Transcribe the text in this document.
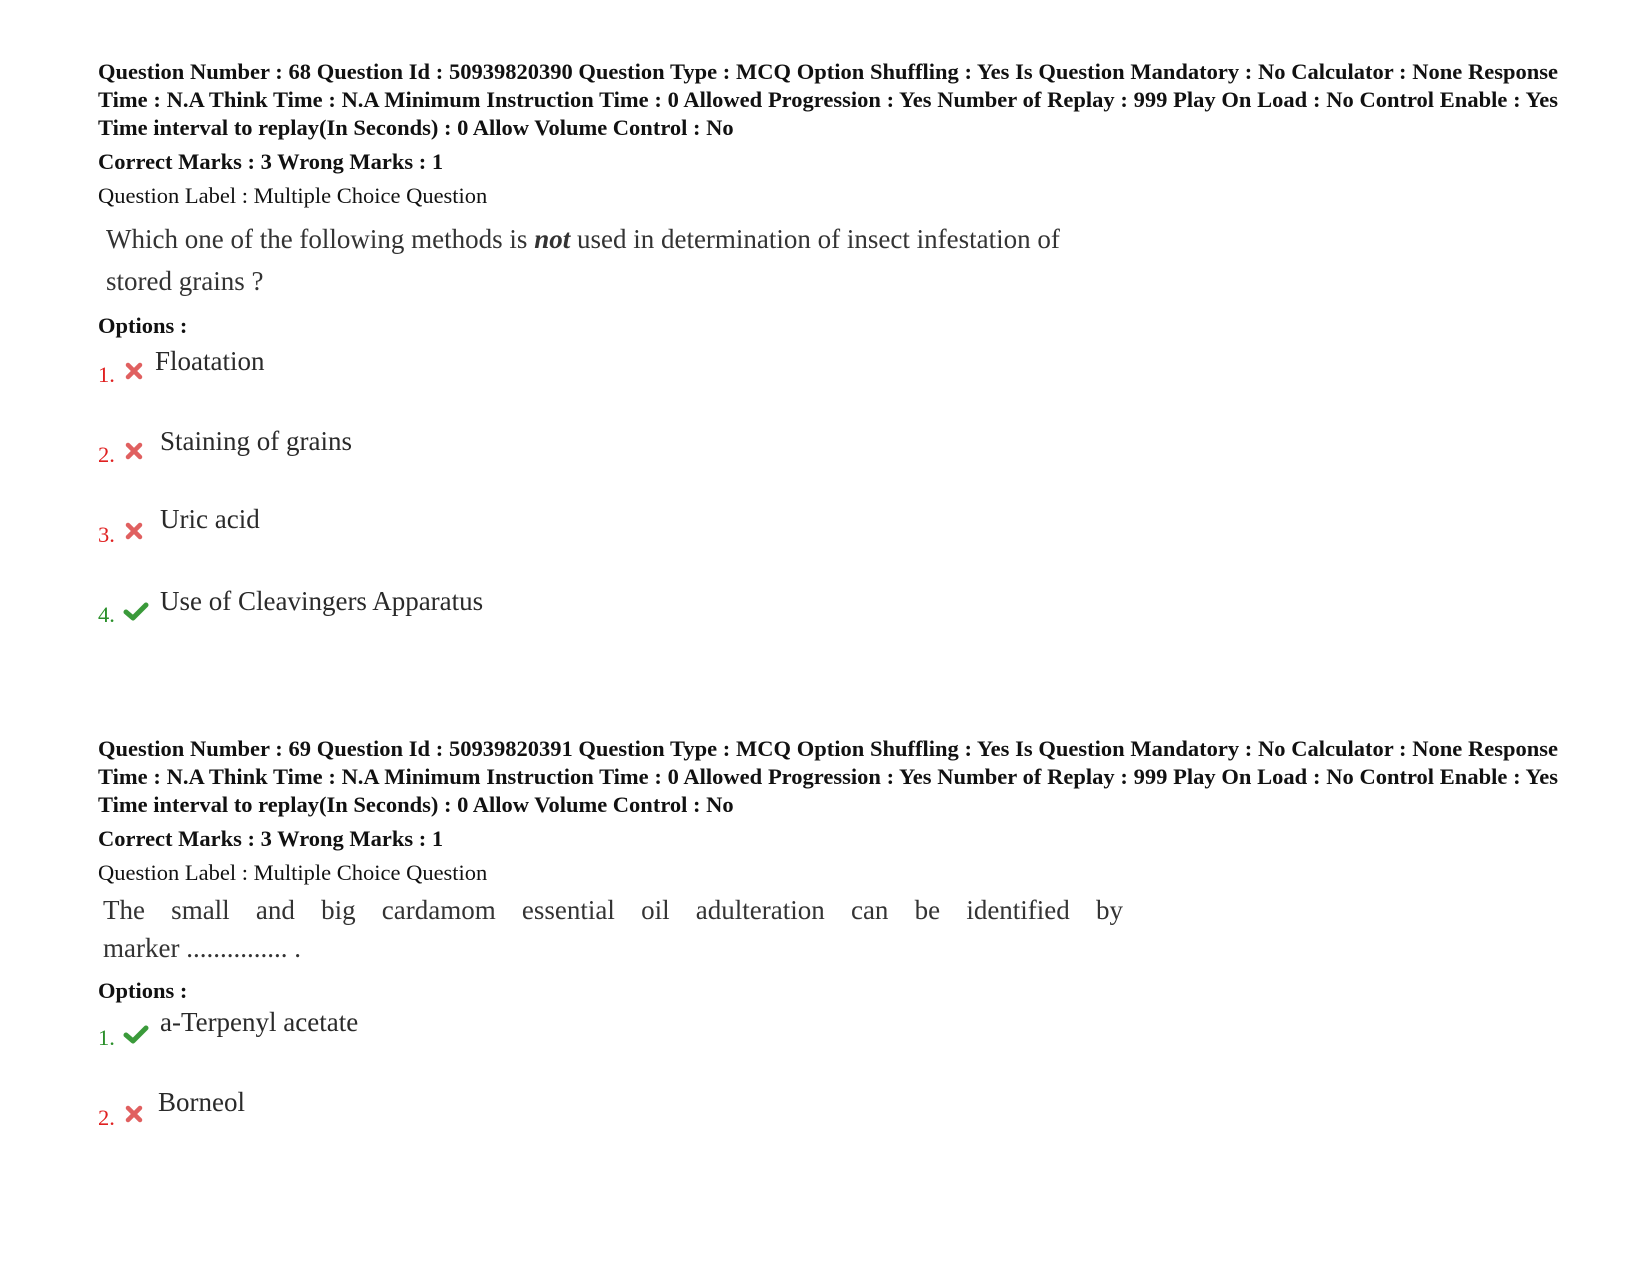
Question Number : 68 Question Id : 50939820390 Question Type : MCQ Option Shuffling : Yes Is Question Mandatory : No Calculator : None Response Time : N.A Think Time : N.A Minimum Instruction Time : 0 Allowed Progression : Yes Number of Replay : 999 Play On Load : No Control Enable : Yes Time interval to replay(In Seconds) : 0 Allow Volume Control : No
Correct Marks : 3 Wrong Marks : 1
Question Label : Multiple Choice Question
Which one of the following methods is not used in determination of insect infestation of
stored grains ?
Options :
1. Floatation
2. Staining of grains
3.
Uric acid
4. Use of Cleavingers Apparatus
Question Number : 69 Question Id : 50939820391 Question Type : MCQ Option Shuffling : Yes Is Question Mandatory : No Calculator : None Response Time : N.A Think Time : N.A Minimum Instruction Time : 0 Allowed Progression : Yes Number of Replay : 999 Play On Load : No Control Enable : Yes Time interval to replay(In Seconds) : 0 Allow Volume Control : No
Correct Marks : 3 Wrong Marks : 1
Question Label : Multiple Choice Question
The small and big cardamom essential oil adulteration can be identified by
marker ............... .
Options :
1.
a-Terpenyl acetate
2.
Borneol
